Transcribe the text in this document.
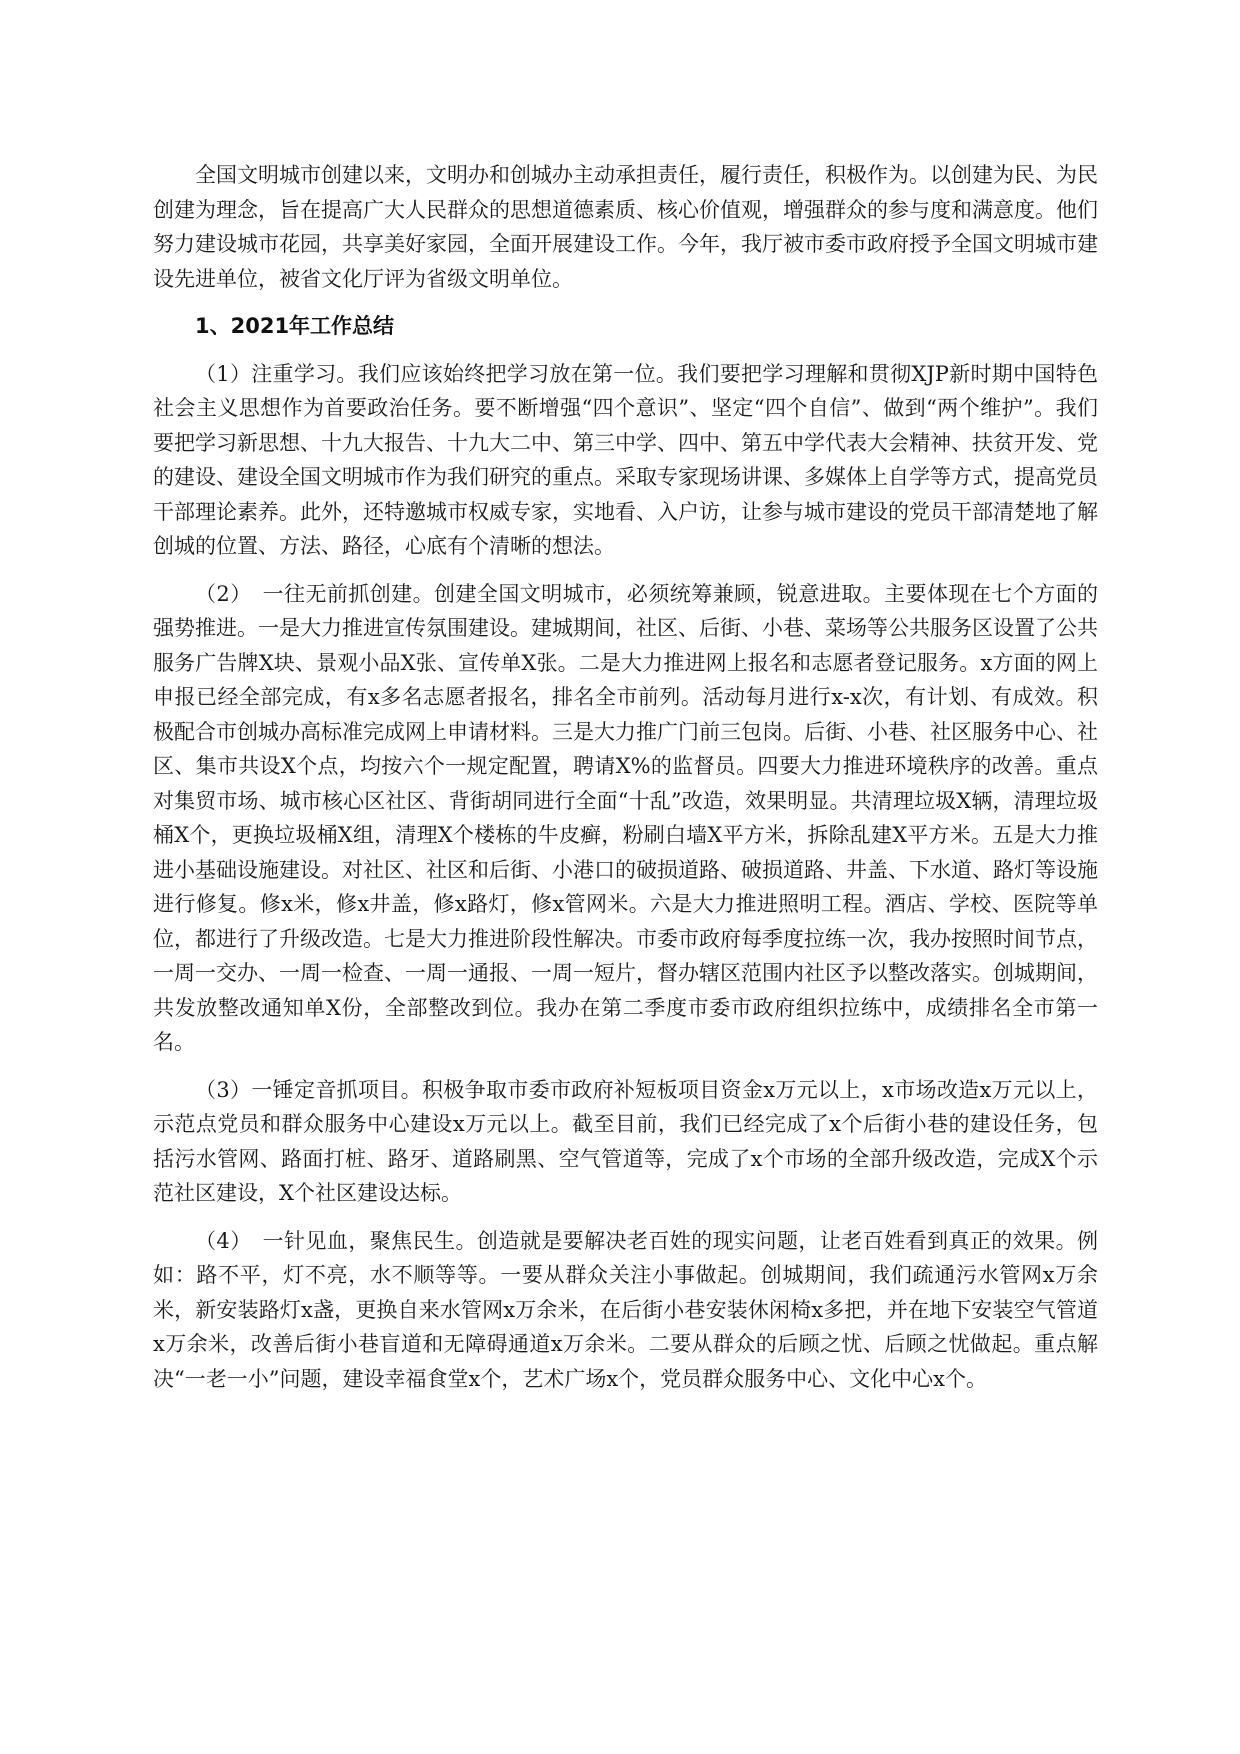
全国文明城市创建以来，文明办和创城办主动承担责任，履行责任，积极作为。以创建为民、为民创建为理念，旨在提高广大人民群众的思想道德素质、核心价值观，增强群众的参与度和满意度。他们努力建设城市花园，共享美好家园，全面开展建设工作。今年，我厅被市委市政府授予全国文明城市建设先进单位，被省文化厅评为省级文明单位。

1、2021年工作总结

（1）注重学习。我们应该始终把学习放在第一位。我们要把学习理解和贯彻XJP新时期中国特色社会主义思想作为首要政治任务。要不断增强“四个意识”、坚定“四个自信”、做到“两个维护”。我们要把学习新思想、十九大报告、十九大二中、第三中学、四中、第五中学代表大会精神、扶贫开发、党的建设、建设全国文明城市作为我们研究的重点。采取专家现场讲课、多媒体上自学等方式，提高党员干部理论素养。此外，还特邀城市权威专家，实地看、入户访，让参与城市建设的党员干部清楚地了解创城的位置、方法、路径，心底有个清晰的想法。

（2）　一往无前抓创建。创建全国文明城市，必须统筹兼顾，锐意进取。主要体现在七个方面的强势推进。一是大力推进宣传氛围建设。建城期间，社区、后街、小巷、菜场等公共服务区设置了公共服务广告牌X块、景观小品X张、宣传单X张。二是大力推进网上报名和志愿者登记服务。x方面的网上申报已经全部完成，有x多名志愿者报名，排名全市前列。活动每月进行x-x次，有计划、有成效。积极配合市创城办高标准完成网上申请材料。三是大力推广门前三包岗。后街、小巷、社区服务中心、社区、集市共设X个点，均按六个一规定配置，聘请X%的监督员。四要大力推进环境秩序的改善。重点对集贸市场、城市核心区社区、背街胡同进行全面“十乱”改造，效果明显。共清理垃圾X辆，清理垃圾桶X个，更换垃圾桶X组，清理X个楼栋的牛皮癣，粉刷白墙X平方米，拆除乱建X平方米。五是大力推进小基础设施建设。对社区、社区和后街、小港口的破损道路、破损道路、井盖、下水道、路灯等设施进行修复。修x米，修x井盖，修x路灯，修x管网米。六是大力推进照明工程。酒店、学校、医院等单位，都进行了升级改造。七是大力推进阶段性解决。市委市政府每季度拉练一次，我办按照时间节点，一周一交办、一周一检查、一周一通报、一周一短片，督办辖区范围内社区予以整改落实。创城期间，共发放整改通知单X份，全部整改到位。我办在第二季度市委市政府组织拉练中，成绩排名全市第一名。

（3）一锤定音抓项目。积极争取市委市政府补短板项目资金x万元以上，x市场改造x万元以上，示范点党员和群众服务中心建设x万元以上。截至目前，我们已经完成了x个后街小巷的建设任务，包括污水管网、路面打桩、路牙、道路刷黑、空气管道等，完成了x个市场的全部升级改造，完成X个示范社区建设，X个社区建设达标。

（4）　一针见血，聚焦民生。创造就是要解决老百姓的现实问题，让老百姓看到真正的效果。例如：路不平，灯不亮，水不顺等等。一要从群众关注小事做起。创城期间，我们疏通污水管网x万余米，新安装路灯x盏，更换自来水管网x万余米，在后街小巷安装休闲椅x多把，并在地下安装空气管道x万余米，改善后街小巷盲道和无障碍通道x万余米。二要从群众的后顾之忧、后顾之忧做起。重点解决“一老一小”问题，建设幸福食堂x个，艺术广场x个，党员群众服务中心、文化中心x个。
